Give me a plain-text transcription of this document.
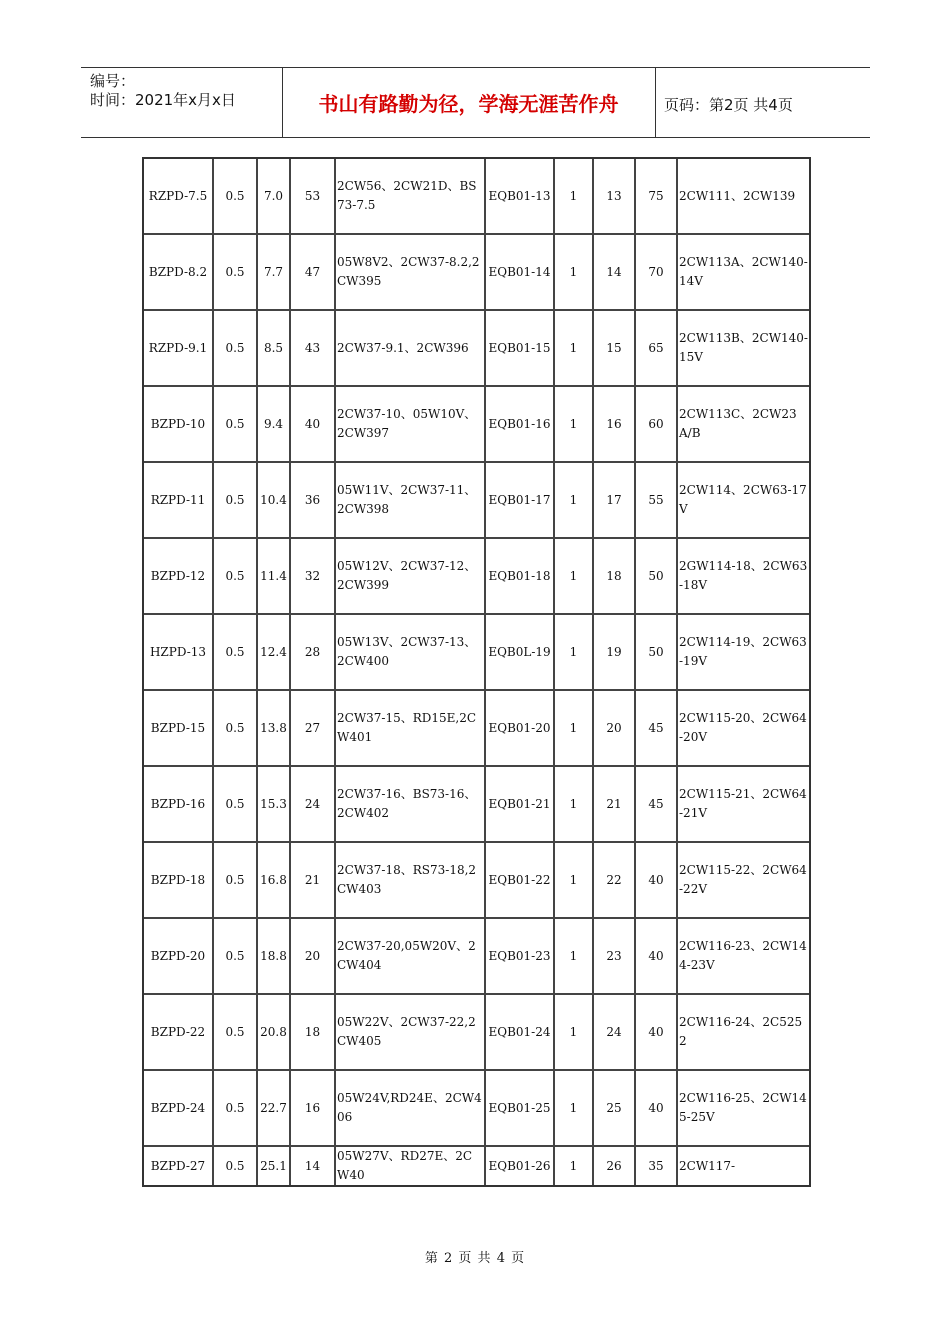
编号：
时间：2021年x月x日	书山有路勤为径，学海无涯苦作舟	页码：第2页 共4页
RZPD-7.5	0.5	7.0	53	2CW56、2CW21D、BS73-7.5	EQB01-13	1	13	75	2CW111、2CW139
BZPD-8.2	0.5	7.7	47	05W8V2、2CW37-8.2,2CW395	EQB01-14	1	14	70	2CW113A、2CW140-14V
RZPD-9.1	0.5	8.5	43	2CW37-9.1、2CW396	EQB01-15	1	15	65	2CW113B、2CW140-15V
BZPD-10	0.5	9.4	40	2CW37-10、05W10V、2CW397	EQB01-16	1	16	60	2CW113C、2CW23A/B
RZPD-11	0.5	10.4	36	05W11V、2CW37-11、2CW398	EQB01-17	1	17	55	2CW114、2CW63-17V
BZPD-12	0.5	11.4	32	05W12V、2CW37-12、2CW399	EQB01-18	1	18	50	2GW114-18、2CW63-18V
HZPD-13	0.5	12.4	28	05W13V、2CW37-13、2CW400	EQB0L-19	1	19	50	2CW114-19、2CW63-19V
BZPD-15	0.5	13.8	27	2CW37-15、RD15E,2CW401	EQB01-20	1	20	45	2CW115-20、2CW64-20V
BZPD-16	0.5	15.3	24	2CW37-16、BS73-16、2CW402	EQB01-21	1	21	45	2CW115-21、2CW64-21V
BZPD-18	0.5	16.8	21	2CW37-18、RS73-18,2CW403	EQB01-22	1	22	40	2CW115-22、2CW64-22V
BZPD-20	0.5	18.8	20	2CW37-20,05W20V、2CW404	EQB01-23	1	23	40	2CW116-23、2CW144-23V
BZPD-22	0.5	20.8	18	05W22V、2CW37-22,2CW405	EQB01-24	1	24	40	2CW116-24、2C5252
BZPD-24	0.5	22.7	16	05W24V,RD24E、2CW406	EQB01-25	1	25	40	2CW116-25、2CW145-25V
BZPD-27	0.5	25.1	14	05W27V、RD27E、2CW40	EQB01-26	1	26	35	2CW117-
第 2 页 共 4 页
